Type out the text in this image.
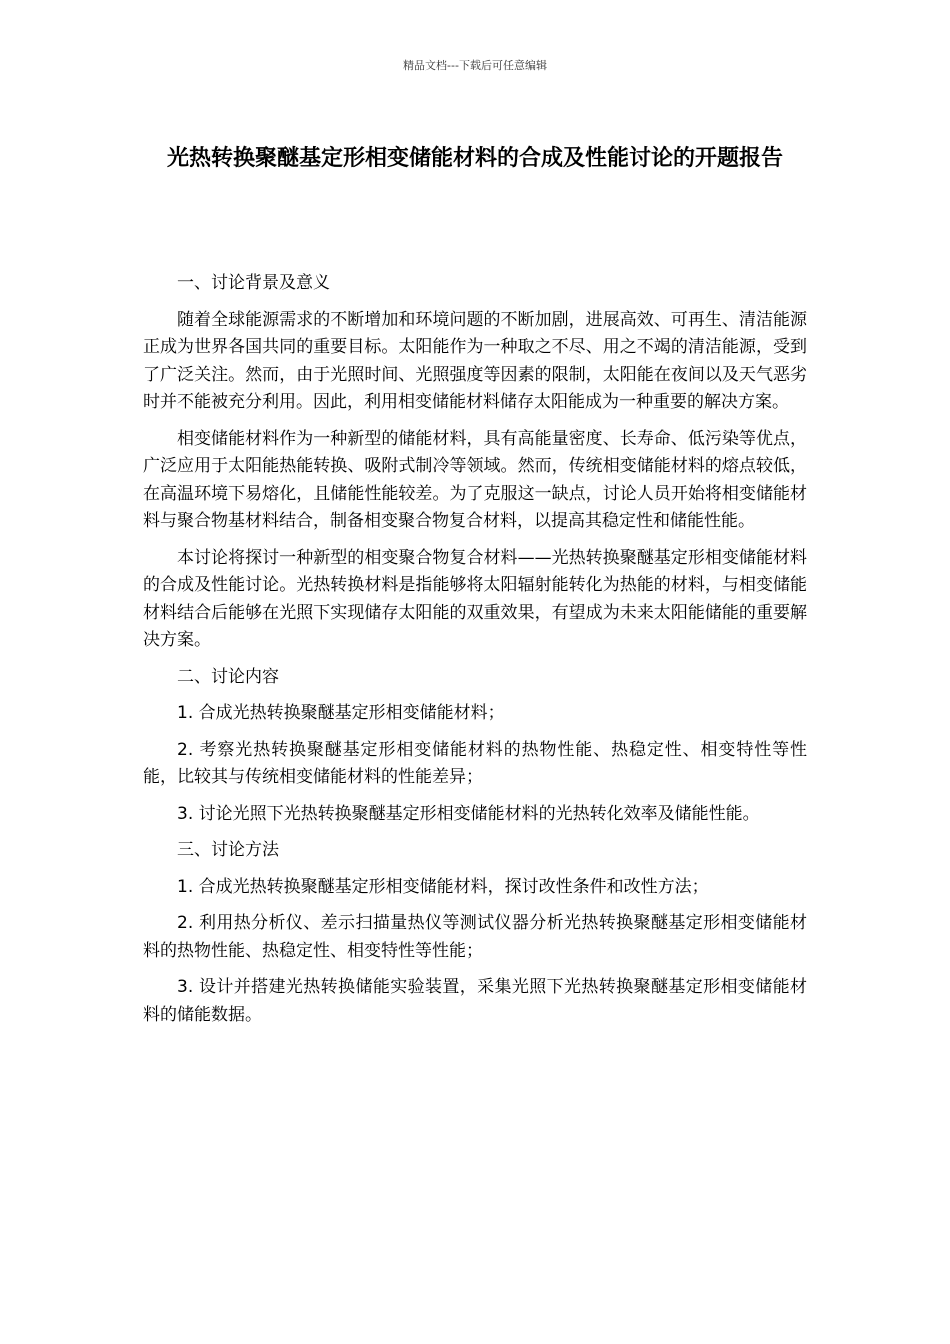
精品文档---下载后可任意编辑
光热转换聚醚基定形相变储能材料的合成及性能讨论的开题报告

一、讨论背景及意义

随着全球能源需求的不断增加和环境问题的不断加剧，进展高效、可再生、清洁能源正成为世界各国共同的重要目标。太阳能作为一种取之不尽、用之不竭的清洁能源，受到了广泛关注。然而，由于光照时间、光照强度等因素的限制，太阳能在夜间以及天气恶劣时并不能被充分利用。因此，利用相变储能材料储存太阳能成为一种重要的解决方案。

相变储能材料作为一种新型的储能材料，具有高能量密度、长寿命、低污染等优点，广泛应用于太阳能热能转换、吸附式制冷等领域。然而，传统相变储能材料的熔点较低，在高温环境下易熔化，且储能性能较差。为了克服这一缺点，讨论人员开始将相变储能材料与聚合物基材料结合，制备相变聚合物复合材料，以提高其稳定性和储能性能。

本讨论将探讨一种新型的相变聚合物复合材料——光热转换聚醚基定形相变储能材料的合成及性能讨论。光热转换材料是指能够将太阳辐射能转化为热能的材料，与相变储能材料结合后能够在光照下实现储存太阳能的双重效果，有望成为未来太阳能储能的重要解决方案。

二、讨论内容

1. 合成光热转换聚醚基定形相变储能材料；

2. 考察光热转换聚醚基定形相变储能材料的热物性能、热稳定性、相变特性等性能，比较其与传统相变储能材料的性能差异；

3. 讨论光照下光热转换聚醚基定形相变储能材料的光热转化效率及储能性能。

三、讨论方法

1. 合成光热转换聚醚基定形相变储能材料，探讨改性条件和改性方法；

2. 利用热分析仪、差示扫描量热仪等测试仪器分析光热转换聚醚基定形相变储能材料的热物性能、热稳定性、相变特性等性能；

3. 设计并搭建光热转换储能实验装置，采集光照下光热转换聚醚基定形相变储能材料的储能数据。
